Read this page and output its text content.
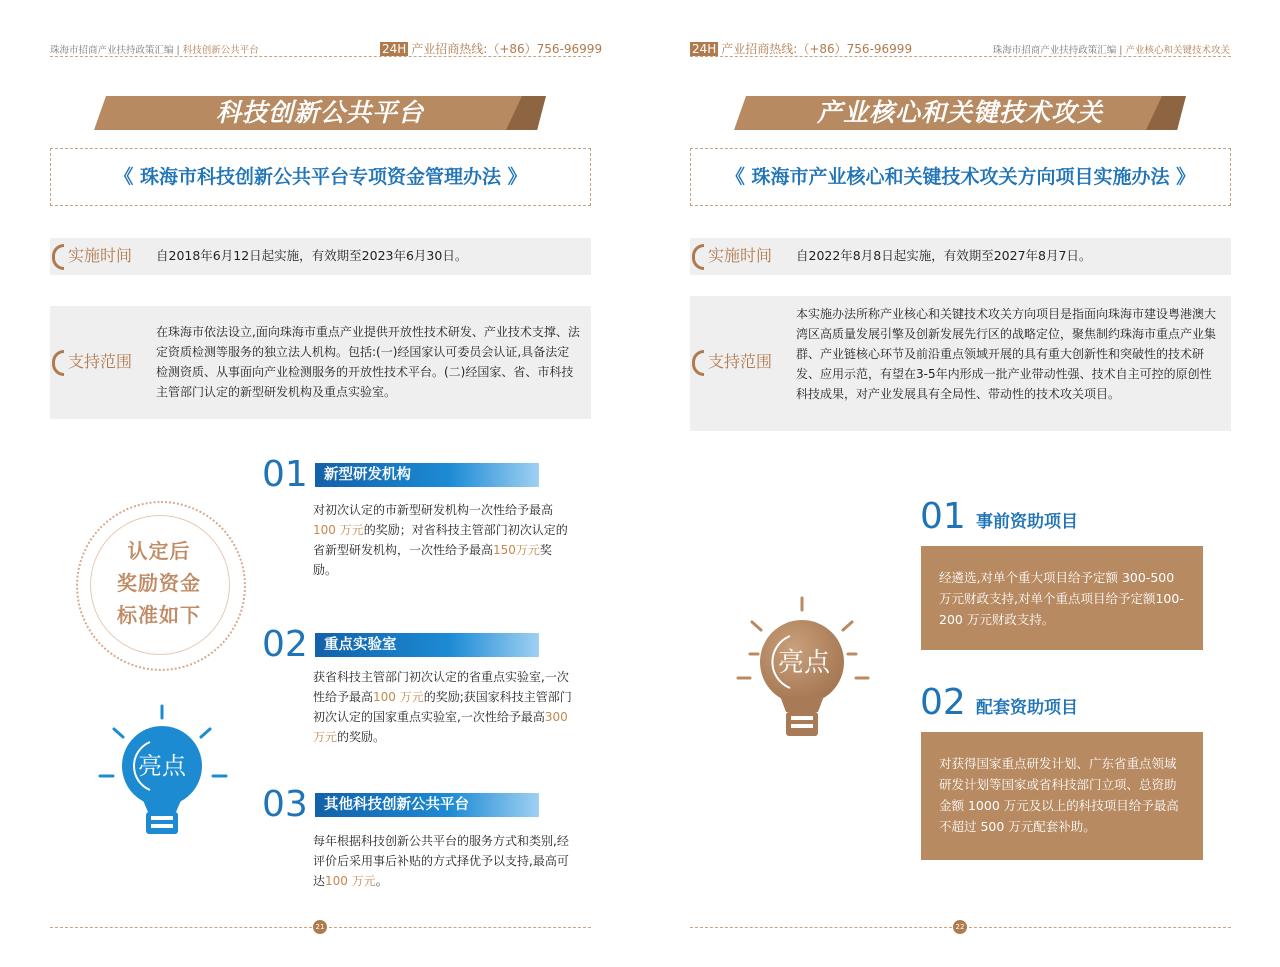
珠海市招商产业扶持政策汇编 | 科技创新公共平台	24H 产业招商热线:（+86）756-96999
科技创新公共平台
《 珠海市科技创新公共平台专项资金管理办法 》
实施时间 自2018年6月12日起实施，有效期至2023年6月30日。
支持范围
在珠海市依法设立,面向珠海市重点产业提供开放性技术研发、产业技术支撑、法定资质检测等服务的独立法人机构。包括:(一)经国家认可委员会认证,具备法定检测资质、从事面向产业检测服务的开放性技术平台。(二)经国家、省、市科技主管部门认定的新型研发机构及重点实验室。
认定后
奖励资金
标准如下
亮点
01	新型研发机构
对初次认定的市新型研发机构一次性给予最高100 万元的奖励；对省科技主管部门初次认定的省新型研发机构，一次性给予最高150万元奖励。
02	重点实验室
获省科技主管部门初次认定的省重点实验室,一次性给予最高100 万元的奖励;获国家科技主管部门初次认定的国家重点实验室,一次性给予最高300 万元的奖励。
03	其他科技创新公共平台
每年根据科技创新公共平台的服务方式和类别,经评价后采用事后补贴的方式择优予以支持,最高可达100 万元。
21
24H 产业招商热线:（+86）756-96999	珠海市招商产业扶持政策汇编 | 产业核心和关键技术攻关
产业核心和关键技术攻关
《 珠海市产业核心和关键技术攻关方向项目实施办法 》
实施时间 自2022年8月8日起实施，有效期至2027年8月7日。
支持范围
本实施办法所称产业核心和关键技术攻关方向项目是指面向珠海市建设粤港澳大湾区高质量发展引擎及创新发展先行区的战略定位，聚焦制约珠海市重点产业集群、产业链核心环节及前沿重点领域开展的具有重大创新性和突破性的技术研发、应用示范，有望在3-5年内形成一批产业带动性强、技术自主可控的原创性科技成果，对产业发展具有全局性、带动性的技术攻关项目。
亮点
01 事前资助项目
经遴选,对单个重大项目给予定额 300-500万元财政支持,对单个重点项目给予定额100-200 万元财政支持。
02 配套资助项目
对获得国家重点研发计划、广东省重点领域研发计划等国家或省科技部门立项、总资助金额 1000 万元及以上的科技项目给予最高不超过 500 万元配套补助。
22
